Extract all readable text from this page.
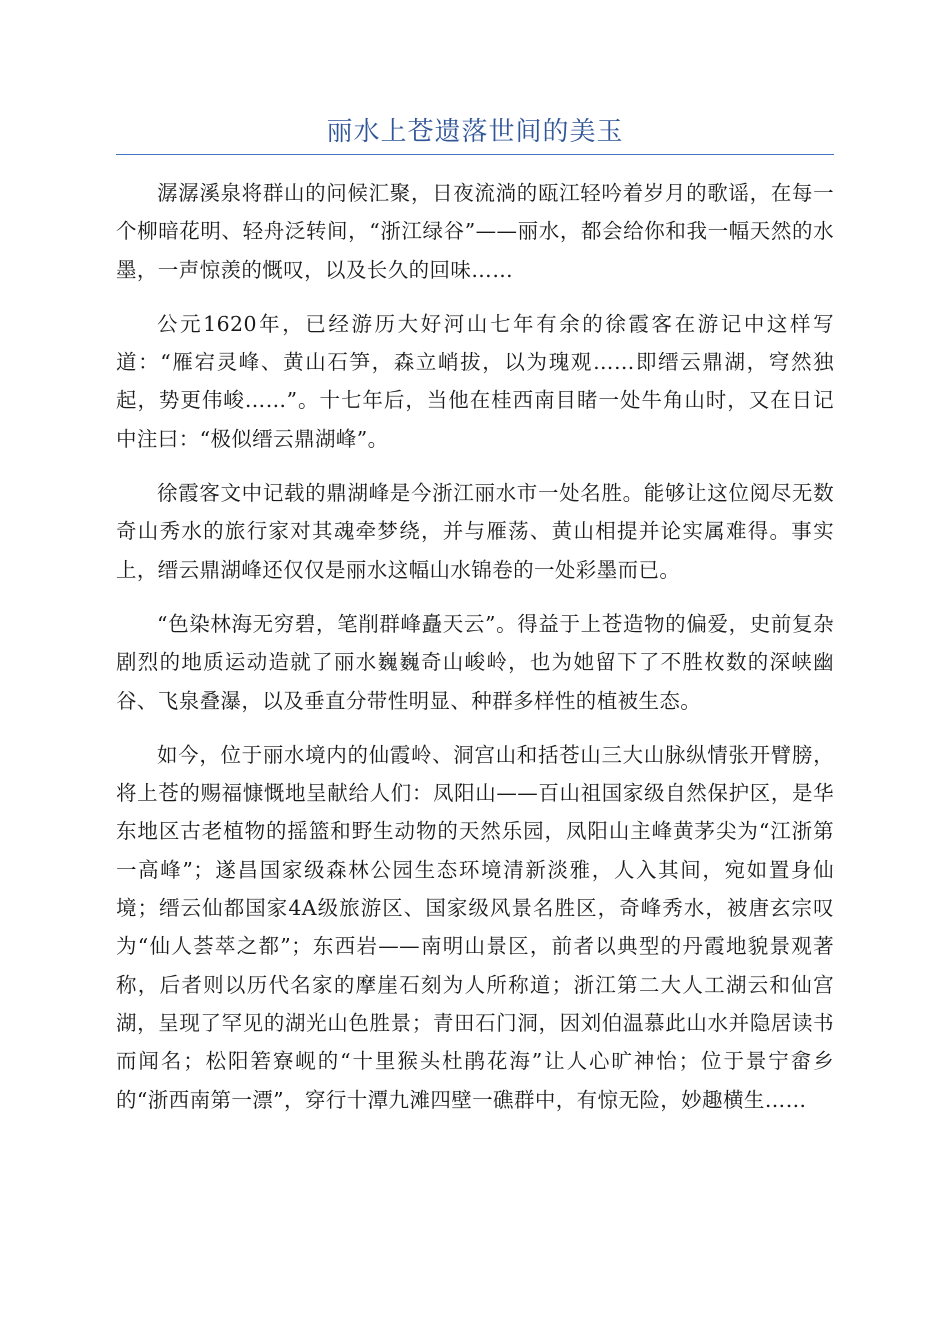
丽水上苍遗落世间的美玉

潺潺溪泉将群山的问候汇聚，日夜流淌的瓯江轻吟着岁月的歌谣，在每一个柳暗花明、轻舟泛转间，“浙江绿谷”——丽水，都会给你和我一幅天然的水墨，一声惊羡的慨叹，以及长久的回味……

公元1620年，已经游历大好河山七年有余的徐霞客在游记中这样写道：“雁宕灵峰、黄山石笋，森立峭拔，以为瑰观……即缙云鼎湖，穹然独起，势更伟峻……”。十七年后，当他在桂西南目睹一处牛角山时，又在日记中注曰：“极似缙云鼎湖峰”。

徐霞客文中记载的鼎湖峰是今浙江丽水市一处名胜。能够让这位阅尽无数奇山秀水的旅行家对其魂牵梦绕，并与雁荡、黄山相提并论实属难得。事实上，缙云鼎湖峰还仅仅是丽水这幅山水锦卷的一处彩墨而已。

“色染林海无穷碧，笔削群峰矗天云”。得益于上苍造物的偏爱，史前复杂剧烈的地质运动造就了丽水巍巍奇山峻岭，也为她留下了不胜枚数的深峡幽谷、飞泉叠瀑，以及垂直分带性明显、种群多样性的植被生态。

如今，位于丽水境内的仙霞岭、洞宫山和括苍山三大山脉纵情张开臂膀，将上苍的赐福慷慨地呈献给人们：凤阳山——百山祖国家级自然保护区，是华东地区古老植物的摇篮和野生动物的天然乐园，凤阳山主峰黄茅尖为“江浙第一高峰”；遂昌国家级森林公园生态环境清新淡雅，人入其间，宛如置身仙境；缙云仙都国家4A级旅游区、国家级风景名胜区，奇峰秀水，被唐玄宗叹为“仙人荟萃之都”；东西岩——南明山景区，前者以典型的丹霞地貌景观著称，后者则以历代名家的摩崖石刻为人所称道；浙江第二大人工湖云和仙宫湖，呈现了罕见的湖光山色胜景；青田石门洞，因刘伯温慕此山水并隐居读书而闻名；松阳箬寮岘的“十里猴头杜鹃花海”让人心旷神怡；位于景宁畲乡的“浙西南第一漂”，穿行十潭九滩四壁一礁群中，有惊无险，妙趣横生……
